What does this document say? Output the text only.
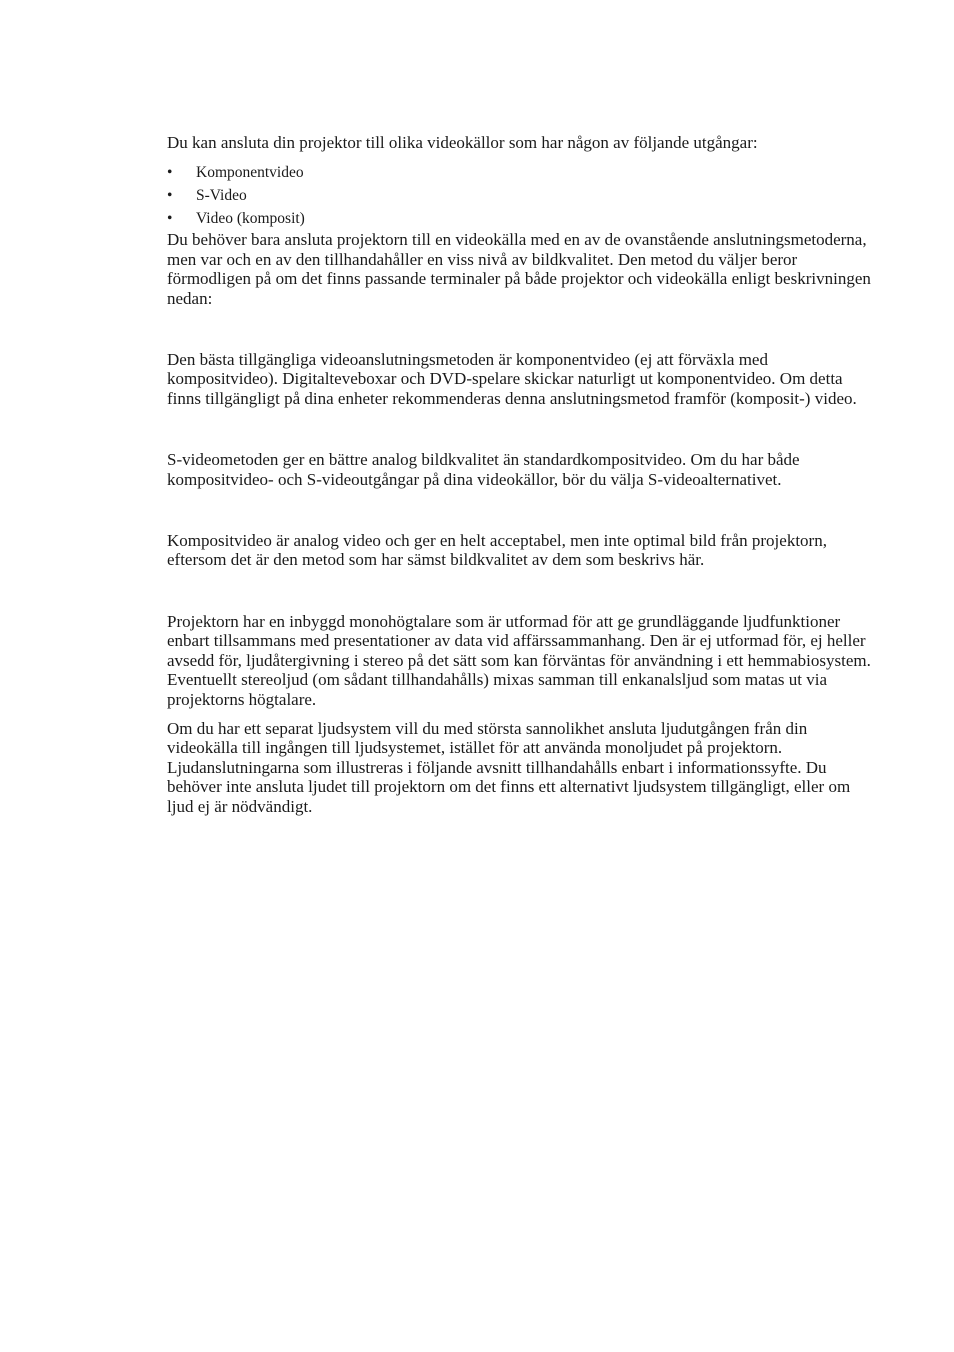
Du kan ansluta din projektor till olika videokällor som har någon av följande utgångar:

• Komponentvideo
• S-Video
• Video (komposit)

Du behöver bara ansluta projektorn till en videokälla med en av de ovanstående anslutningsmetoderna, men var och en av den tillhandahåller en viss nivå av bildkvalitet. Den metod du väljer beror förmodligen på om det finns passande terminaler på både projektor och videokälla enligt beskrivningen nedan:

Den bästa tillgängliga videoanslutningsmetoden är komponentvideo (ej att förväxla med kompositvideo). Digitalteveboxar och DVD-spelare skickar naturligt ut komponentvideo. Om detta finns tillgängligt på dina enheter rekommenderas denna anslutningsmetod framför (komposit-) video.

S-videometoden ger en bättre analog bildkvalitet än standardkompositvideo. Om du har både kompositvideo- och S-videoutgångar på dina videokällor, bör du välja S-videoalternativet.

Kompositvideo är analog video och ger en helt acceptabel, men inte optimal bild från projektorn, eftersom det är den metod som har sämst bildkvalitet av dem som beskrivs här.

Projektorn har en inbyggd monohögtalare som är utformad för att ge grundläggande ljudfunktioner enbart tillsammans med presentationer av data vid affärssammanhang. Den är ej utformad för, ej heller avsedd för, ljudåtergivning i stereo på det sätt som kan förväntas för användning i ett hemmabiosystem. Eventuellt stereoljud (om sådant tillhandahålls) mixas samman till enkanalsljud som matas ut via projektorns högtalare.

Om du har ett separat ljudsystem vill du med största sannolikhet ansluta ljudutgången från din videokälla till ingången till ljudsystemet, istället för att använda monoljudet på projektorn. Ljudanslutningarna som illustreras i följande avsnitt tillhandahålls enbart i informationssyfte. Du behöver inte ansluta ljudet till projektorn om det finns ett alternativt ljudsystem tillgängligt, eller om ljud ej är nödvändigt.
